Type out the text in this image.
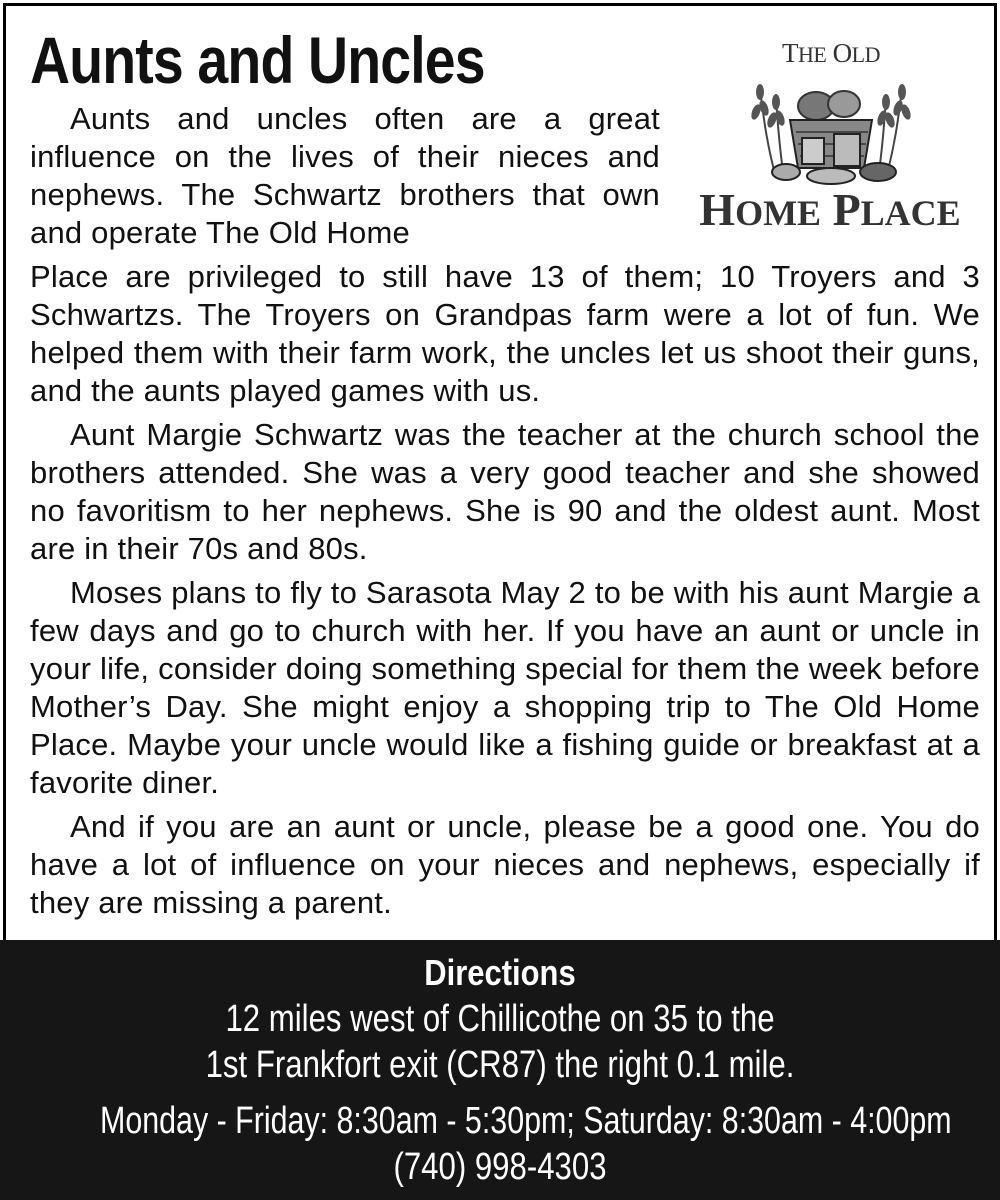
Aunts and Uncles	THE OLD
HOME PLACE

Aunts and uncles often are a great influence on the lives of their nieces and nephews. The Schwartz brothers that own and operate The Old Home

Place are privileged to still have 13 of them; 10 Troyers and 3 Schwartzs. The Troyers on Grandpas farm were a lot of fun. We helped them with their farm work, the uncles let us shoot their guns, and the aunts played games with us.

Aunt Margie Schwartz was the teacher at the church school the brothers attended. She was a very good teacher and she showed no favoritism to her nephews. She is 90 and the oldest aunt. Most are in their 70s and 80s.

Moses plans to fly to Sarasota May 2 to be with his aunt Margie a few days and go to church with her. If you have an aunt or uncle in your life, consider doing something special for them the week before Mother’s Day. She might enjoy a shopping trip to The Old Home Place. Maybe your uncle would like a fishing guide or breakfast at a favorite diner.

And if you are an aunt or uncle, please be a good one. You do have a lot of influence on your nieces and nephews, especially if they are missing a parent.

Directions
12 miles west of Chillicothe on 35 to the
1st Frankfort exit (CR87) the right 0.1 mile.
Monday - Friday: 8:30am - 5:30pm; Saturday: 8:30am - 4:00pm
(740) 998-4303
